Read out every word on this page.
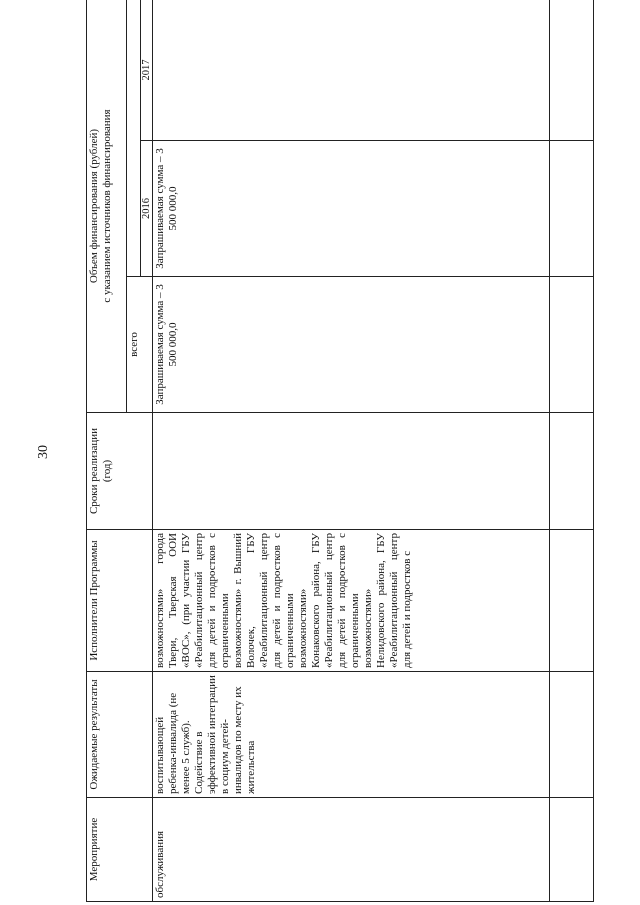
30
Мероприятие	Ожидаемые результаты	Исполнители Программы	Сроки реализации (год)	Объем финансирования (рублей)
с указанием источников финансирования		
				всего		
					2016	2017
обслуживания	воспитывающей ребенка-инвалида (не менее 5 служб). Содействие в эффективной интеграции в социум детей-инвалидов по месту их жительства	возможностями» города Твери, Тверская ООИ «ВОС», (при участии ГБУ «Реабилитационный центр для детей и подростков с ограниченными возможностями» г. Вышний Волочек, ГБУ «Реабилитационный центр для детей и подростков с ограниченными возможностями» Конаковского района, ГБУ «Реабилитационный центр для детей и подростков с ограниченными возможностями» Нелидовского района, ГБУ «Реабилитационный центр для детей и подростков с		Запрашиваемая сумма – 3 500 000,0	Запрашиваемая сумма – 3 500 000,0	
